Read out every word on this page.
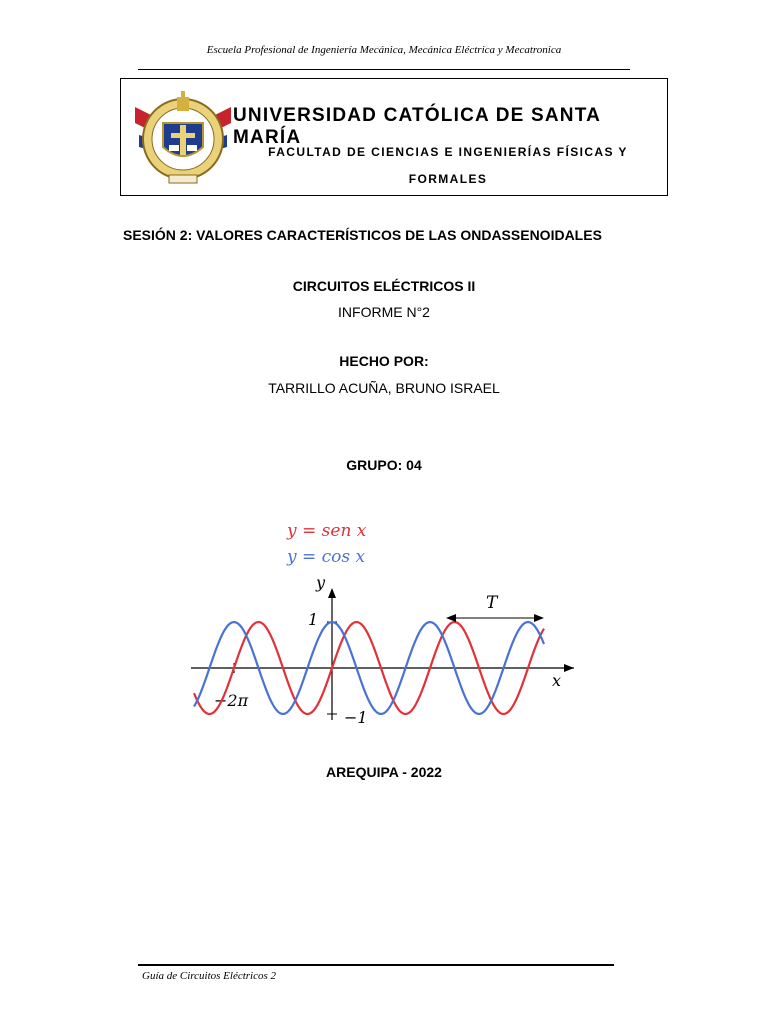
Escuela Profesional de Ingeniería Mecánica, Mecánica Eléctrica y Mecatronica
UNIVERSIDAD CATÓLICA DE SANTA MARÍA
FACULTAD DE CIENCIAS E INGENIERÍAS FÍSICAS Y
FORMALES
SESIÓN 2: VALORES CARACTERÍSTICOS DE LAS ONDASSENOIDALES
CIRCUITOS ELÉCTRICOS II
INFORME N°2
HECHO POR:
TARRILLO ACUÑA, BRUNO ISRAEL
GRUPO: 04
y = sen x
y = cos x
y
x
1
−1
−2π
T
AREQUIPA - 2022
Guía de Circuitos Eléctricos 2
